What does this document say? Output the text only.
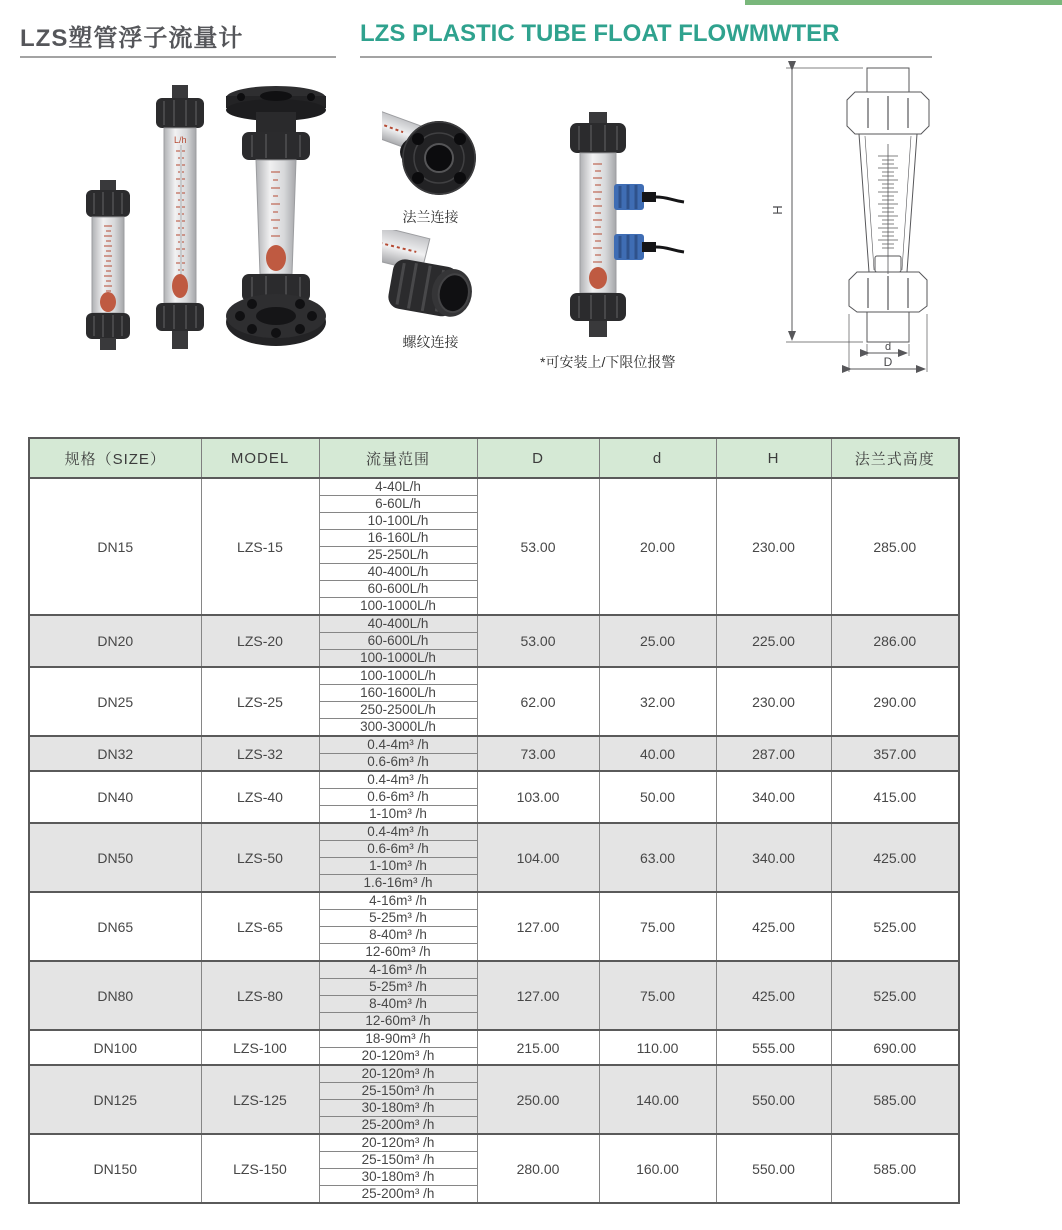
LZS塑管浮子流量计	LZS PLASTIC TUBE FLOAT FLOWMWTER
L/h
法兰连接
螺纹连接
*可安装上/下限位报警
H
d
D
规格（SIZE）	MODEL	流量范围	D	d	H	法兰式高度
DN15	LZS-15	4-40L/h	53.00	20.00	230.00	285.00
		6-60L/h				
		10-100L/h				
		16-160L/h				
		25-250L/h				
		40-400L/h				
		60-600L/h				
		100-1000L/h				
DN20	LZS-20	40-400L/h	53.00	25.00	225.00	286.00
		60-600L/h				
		100-1000L/h				
DN25	LZS-25	100-1000L/h	62.00	32.00	230.00	290.00
		160-1600L/h				
		250-2500L/h				
		300-3000L/h				
DN32	LZS-32	0.4-4m³ /h	73.00	40.00	287.00	357.00
		0.6-6m³ /h				
DN40	LZS-40	0.4-4m³ /h	103.00	50.00	340.00	415.00
		0.6-6m³ /h				
		1-10m³ /h				
DN50	LZS-50	0.4-4m³ /h	104.00	63.00	340.00	425.00
		0.6-6m³ /h				
		1-10m³ /h				
		1.6-16m³ /h				
DN65	LZS-65	4-16m³ /h	127.00	75.00	425.00	525.00
		5-25m³ /h				
		8-40m³ /h				
		12-60m³ /h				
DN80	LZS-80	4-16m³ /h	127.00	75.00	425.00	525.00
		5-25m³ /h				
		8-40m³ /h				
		12-60m³ /h				
DN100	LZS-100	18-90m³ /h	215.00	110.00	555.00	690.00
		20-120m³ /h				
DN125	LZS-125	20-120m³ /h	250.00	140.00	550.00	585.00
		25-150m³ /h				
		30-180m³ /h				
		25-200m³ /h				
DN150	LZS-150	20-120m³ /h	280.00	160.00	550.00	585.00
		25-150m³ /h				
		30-180m³ /h				
		25-200m³ /h				
